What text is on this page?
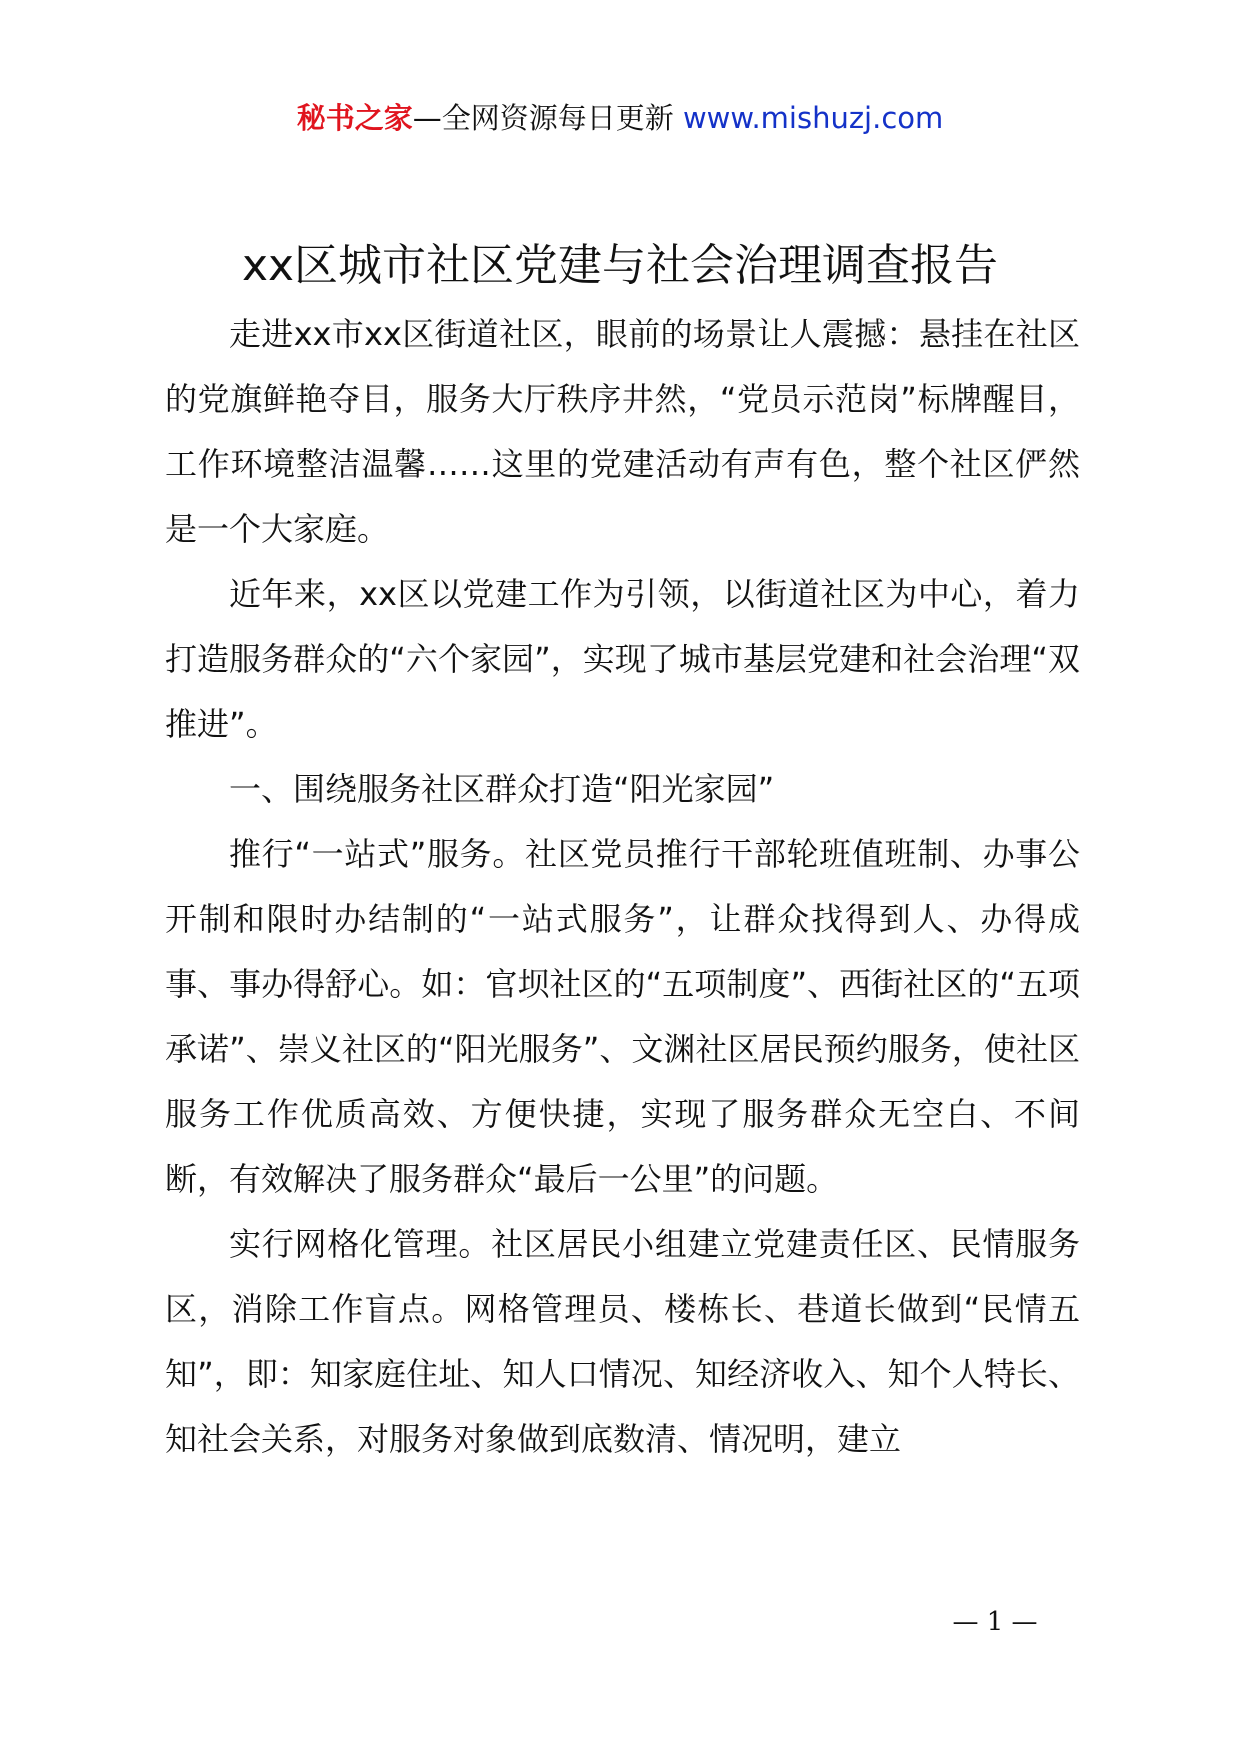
秘书之家—全网资源每日更新 www.mishuzj.com
xx区城市社区党建与社会治理调查报告

走进xx市xx区街道社区，眼前的场景让人震撼：悬挂在社区的党旗鲜艳夺目，服务大厅秩序井然，“党员示范岗”标牌醒目，工作环境整洁温馨……这里的党建活动有声有色，整个社区俨然是一个大家庭。

近年来，xx区以党建工作为引领，以街道社区为中心，着力打造服务群众的“六个家园”，实现了城市基层党建和社会治理“双推进”。

一、围绕服务社区群众打造“阳光家园”

推行“一站式”服务。社区党员推行干部轮班值班制、办事公开制和限时办结制的“一站式服务”，让群众找得到人、办得成事、事办得舒心。如：官坝社区的“五项制度”、西街社区的“五项承诺”、崇义社区的“阳光服务”、文渊社区居民预约服务，使社区服务工作优质高效、方便快捷，实现了服务群众无空白、不间断，有效解决了服务群众“最后一公里”的问题。

实行网格化管理。社区居民小组建立党建责任区、民情服务区，消除工作盲点。网格管理员、楼栋长、巷道长做到“民情五知”，即：知家庭住址、知人口情况、知经济收入、知个人特长、知社会关系，对服务对象做到底数清、情况明，建立

— 1 —
